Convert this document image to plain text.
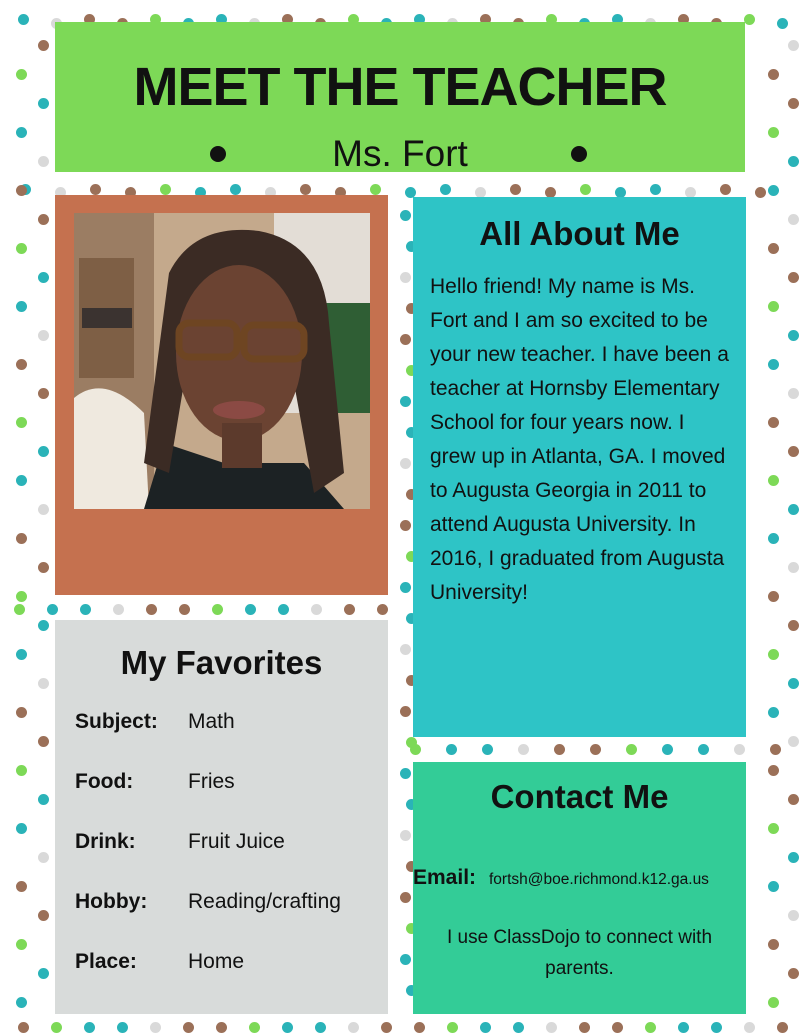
MEET THE TEACHER
Ms. Fort
All About Me
Hello friend! My name is Ms. Fort and I am so excited to be your new teacher. I have been a teacher at Hornsby Elementary School for four years now. I grew up in Atlanta, GA. I moved to Augusta Georgia in 2011 to attend Augusta University. In 2016, I graduated from Augusta University!
My Favorites
Subject: Math
Food:	Fries
Drink: Fruit Juice
Hobby: Reading/crafting
Place: Home
Contact Me
Email: fortsh@boe.richmond.k12.ga.us
I use ClassDojo to connect with parents.
